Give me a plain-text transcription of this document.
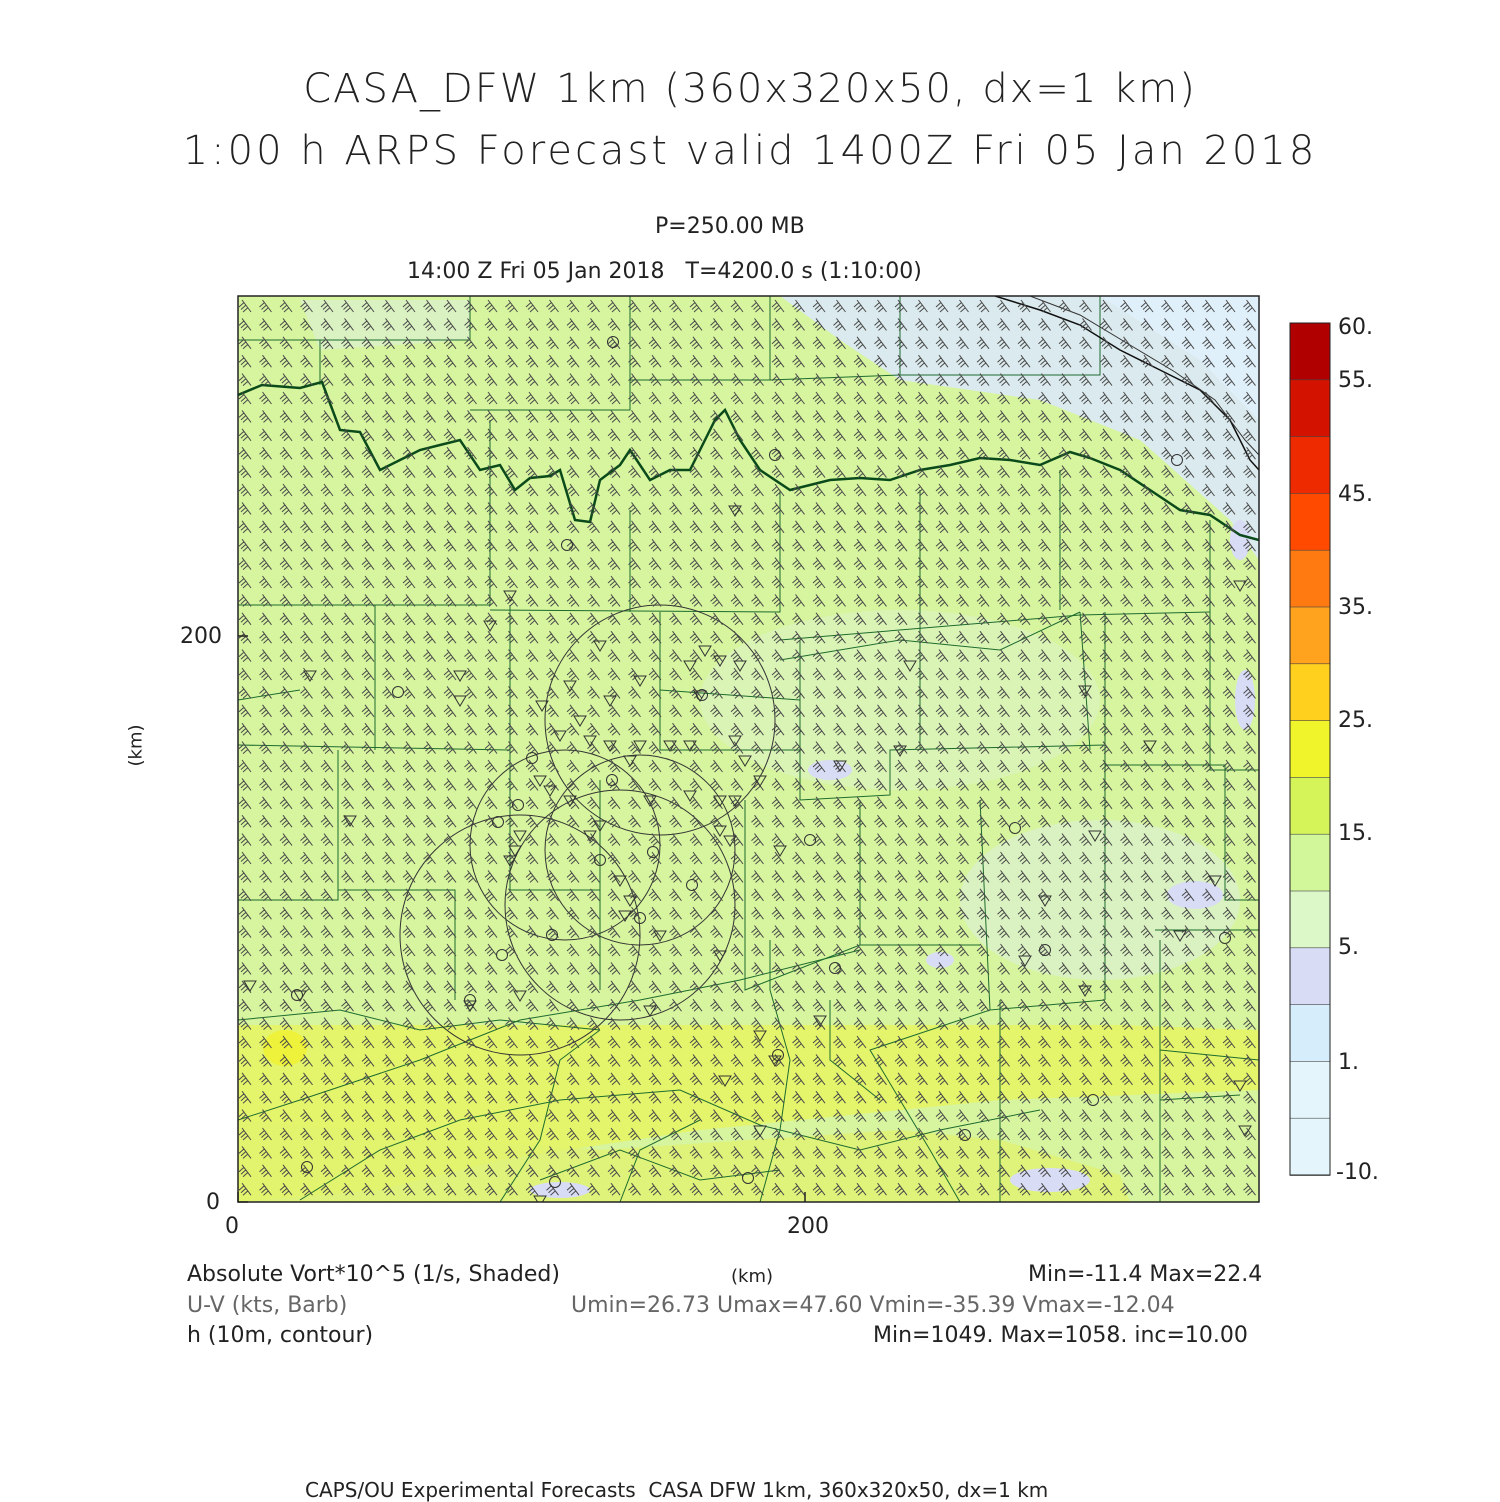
CASA_DFW 1km (360x320x50, dx=1 km)
1:00 h ARPS Forecast valid 1400Z Fri 05 Jan 2018
P=250.00 MB
14:00 Z Fri 05 Jan 2018   T=4200.0 s (1:10:00)
0	200
0
200
(km)
(km)
60.
55.
45.
35.
25.
15.
5.
1.
-10.
Absolute Vort*10^5 (1/s, Shaded)	Min=-11.4 Max=22.4
U-V (kts, Barb)	Umin=26.73 Umax=47.60 Vmin=-35.39 Vmax=-12.04
h (10m, contour)	Min=1049. Max=1058. inc=10.00
CAPS/OU Experimental Forecasts  CASA DFW 1km, 360x320x50, dx=1 km
